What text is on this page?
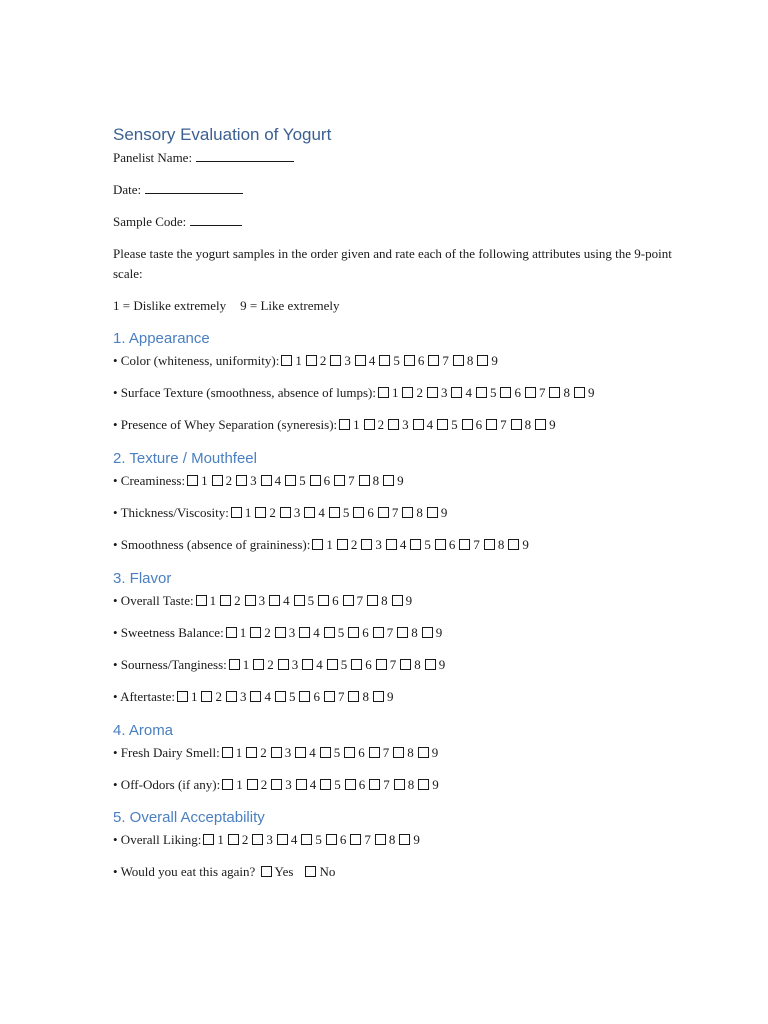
Sensory Evaluation of Yogurt

Panelist Name:

Date:

Sample Code:

Please taste the yogurt samples in the order given and rate each of the following attributes using the 9-point scale:

1 = Dislike extremely 9 = Like extremely

1. Appearance

• Color (whiteness, uniformity): 1 2 3 4 5 6 7 8 9

• Surface Texture (smoothness, absence of lumps): 1 2 3 4 5 6 7 8 9

• Presence of Whey Separation (syneresis): 1 2 3 4 5 6 7 8 9

2. Texture / Mouthfeel

• Creaminess: 1 2 3 4 5 6 7 8 9

• Thickness/Viscosity: 1 2 3 4 5 6 7 8 9

• Smoothness (absence of graininess): 1 2 3 4 5 6 7 8 9

3. Flavor

• Overall Taste: 1 2 3 4 5 6 7 8 9

• Sweetness Balance: 1 2 3 4 5 6 7 8 9

• Sourness/Tanginess: 1 2 3 4 5 6 7 8 9

• Aftertaste: 1 2 3 4 5 6 7 8 9

4. Aroma

• Fresh Dairy Smell: 1 2 3 4 5 6 7 8 9

• Off-Odors (if any): 1 2 3 4 5 6 7 8 9

5. Overall Acceptability

• Overall Liking: 1 2 3 4 5 6 7 8 9

• Would you eat this again? Yes No
